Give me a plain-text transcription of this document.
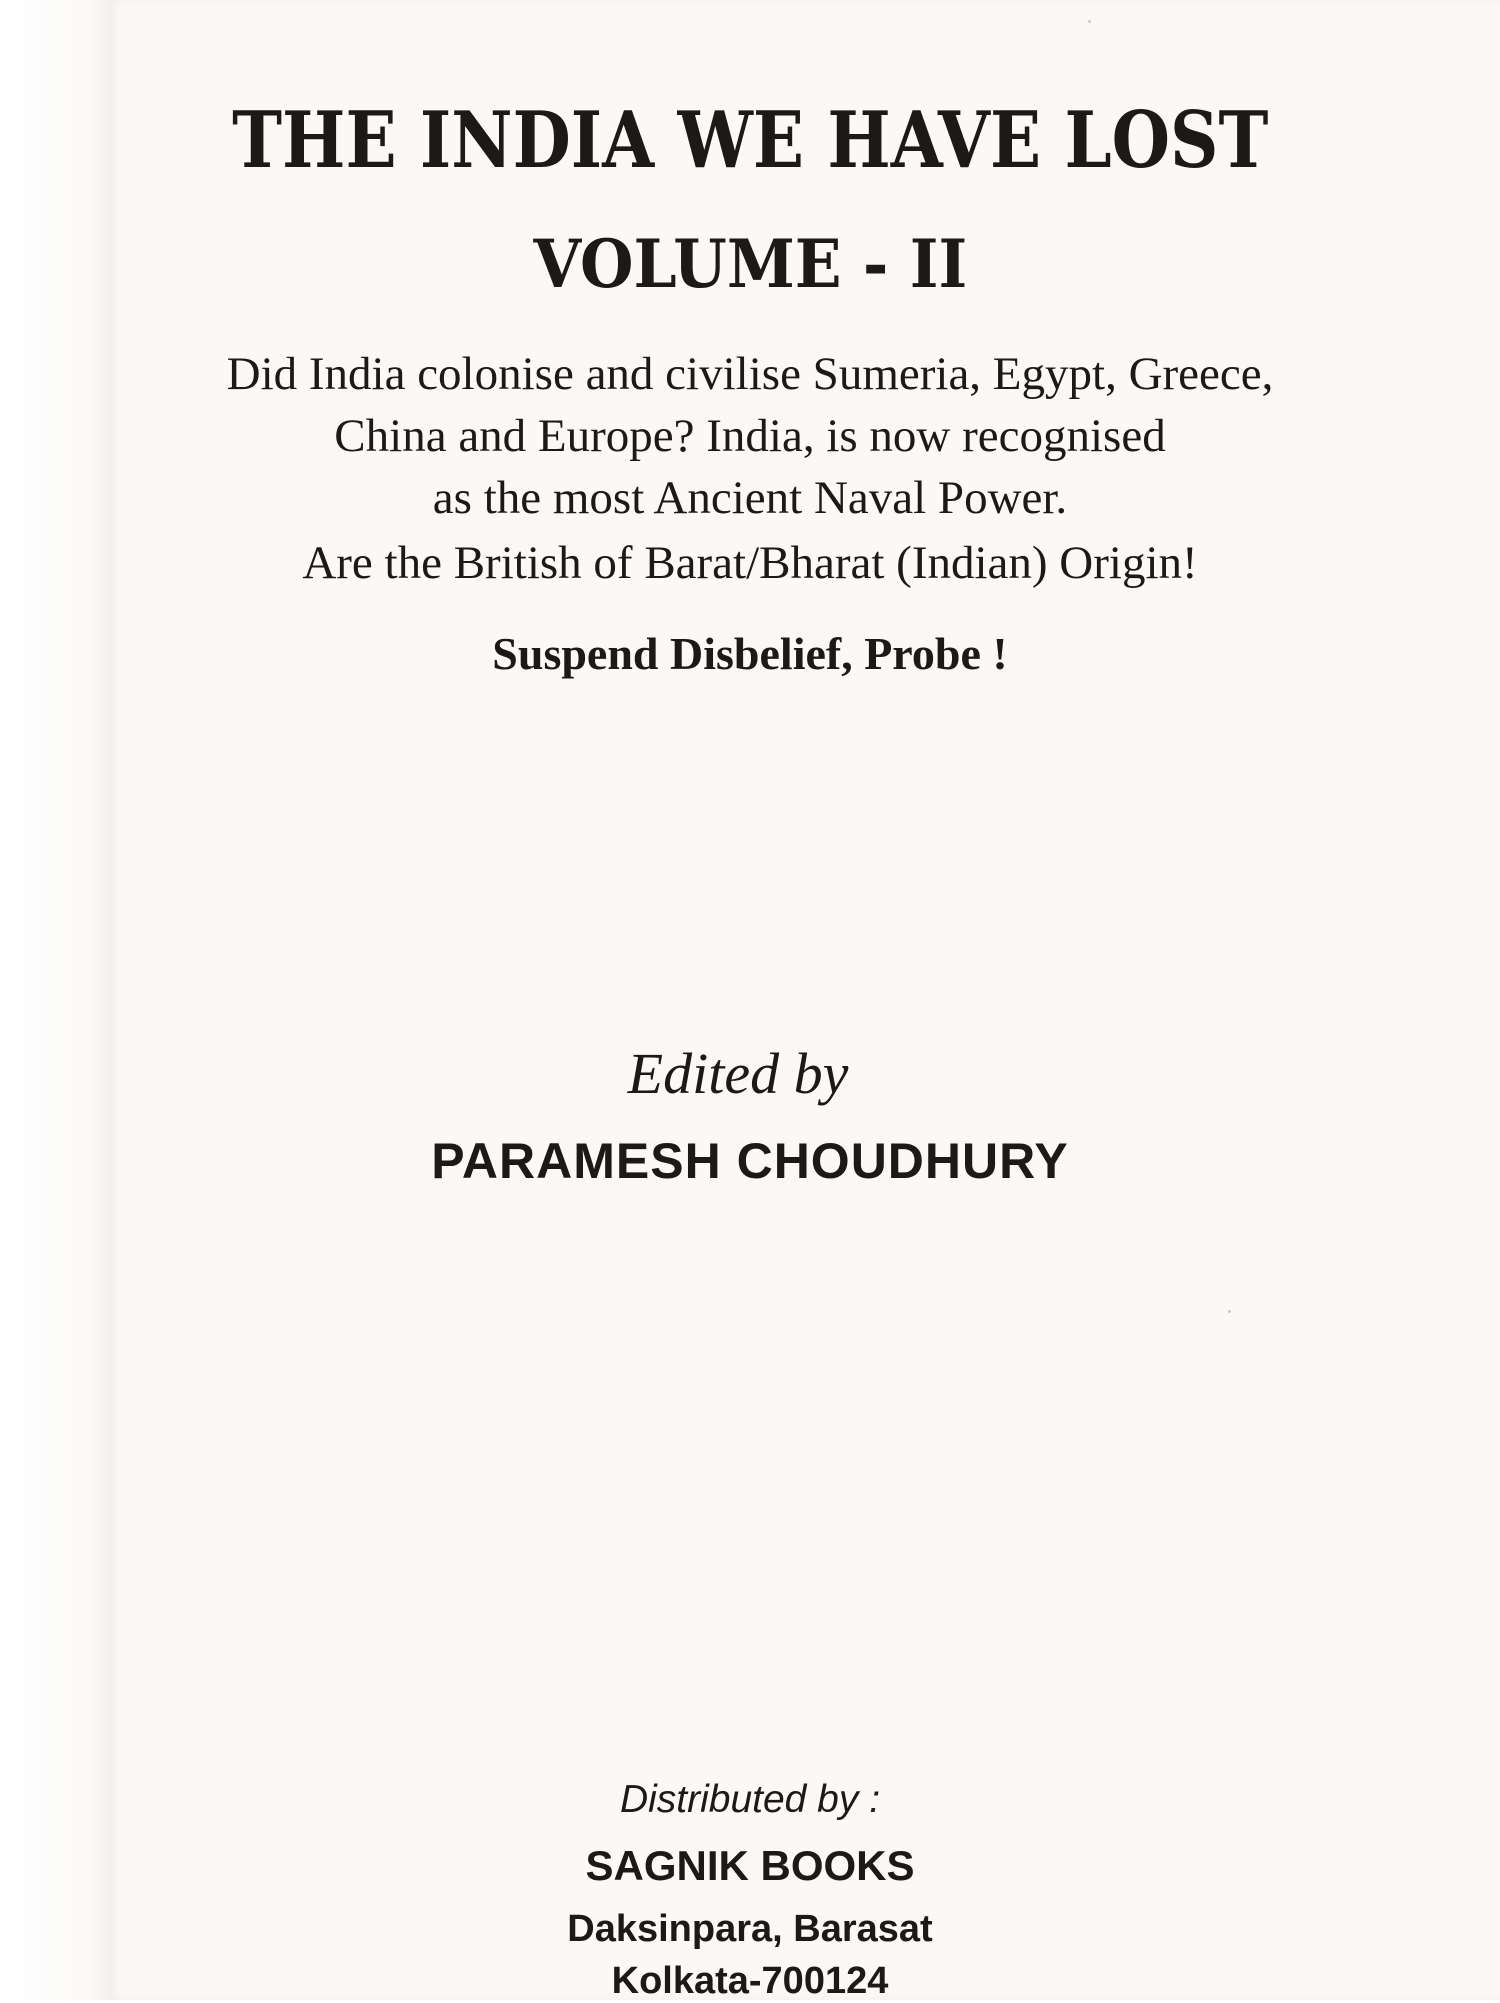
THE INDIA WE HAVE LOST
VOLUME - II
Did India colonise and civilise Sumeria, Egypt, Greece,
China and Europe? India, is now recognised
as the most Ancient Naval Power.
Are the British of Barat/Bharat (Indian) Origin!
Suspend Disbelief, Probe !
Edited by
PARAMESH CHOUDHURY
Distributed by :
SAGNIK BOOKS
Daksinpara, Barasat
Kolkata-700124
